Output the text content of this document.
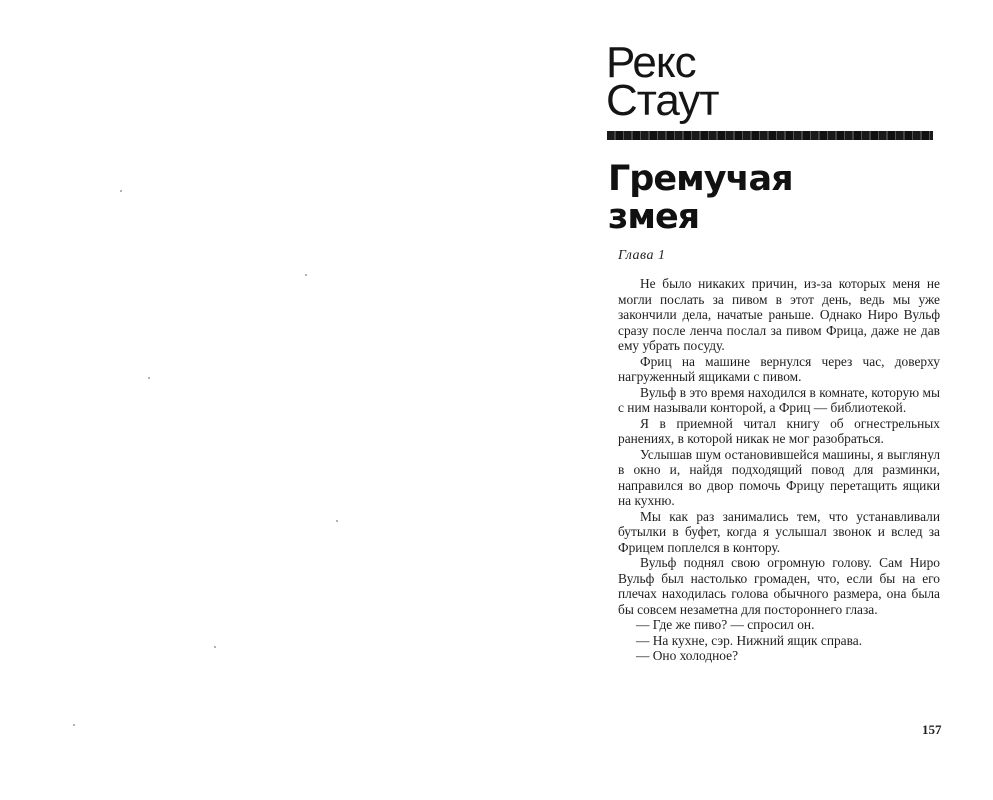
Рекс
Стаут
Гремучая
змея
Глава 1

Не было никаких причин, из-за которых меня не могли послать за пивом в этот день, ведь мы уже закончили дела, начатые раньше. Однако Ниро Вульф сразу после ленча послал за пивом Фрица, даже не дав ему убрать посуду.

Фриц на машине вернулся через час, доверху нагруженный ящиками с пивом.

Вульф в это время находился в комнате, которую мы с ним называли конторой, а Фриц — библиотекой.

Я в приемной читал книгу об огнестрельных ранениях, в которой никак не мог разобраться.

Услышав шум остановившейся машины, я выглянул в окно и, найдя подходящий повод для разминки, направился во двор помочь Фрицу перетащить ящики на кухню.

Мы как раз занимались тем, что устанавливали бутылки в буфет, когда я услышал звонок и вслед за Фрицем поплелся в контору.

Вульф поднял свою огромную голову. Сам Ниро Вульф был настолько громаден, что, если бы на его плечах находилась голова обычного размера, она была бы совсем незаметна для постороннего глаза.

— Где же пиво? — спросил он.

— На кухне, сэр. Нижний ящик справа.

— Оно холодное?

157
